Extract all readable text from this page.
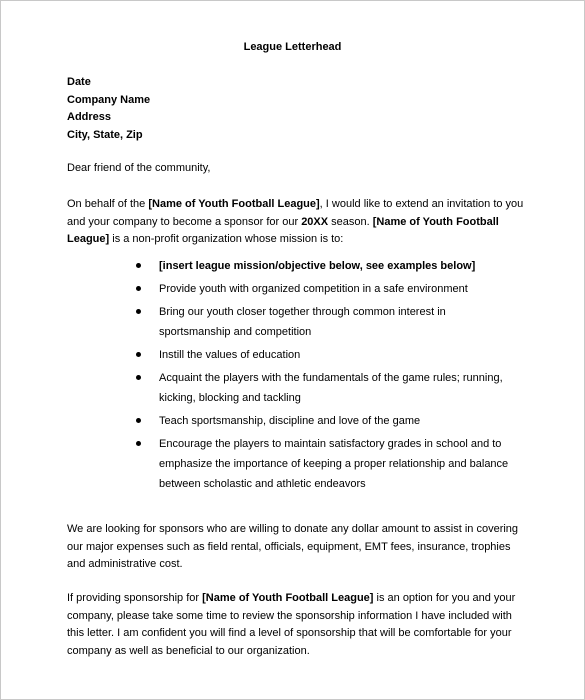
League Letterhead
Date
Company Name
Address
City, State, Zip
Dear friend of the community,
On behalf of the [Name of Youth Football League], I would like to extend an invitation to you and your company to become a sponsor for our 20XX season. [Name of Youth Football League] is a non-profit organization whose mission is to:
[insert league mission/objective below, see examples below]
Provide youth with organized competition in a safe environment
Bring our youth closer together through common interest in sportsmanship and competition
Instill the values of education
Acquaint the players with the fundamentals of the game rules; running, kicking, blocking and tackling
Teach sportsmanship, discipline and love of the game
Encourage the players to maintain satisfactory grades in school and to emphasize the importance of keeping a proper relationship and balance between scholastic and athletic endeavors
We are looking for sponsors who are willing to donate any dollar amount to assist in covering our major expenses such as field rental, officials, equipment, EMT fees, insurance, trophies and administrative cost.
If providing sponsorship for [Name of Youth Football League] is an option for you and your company, please take some time to review the sponsorship information I have included with this letter. I am confident you will find a level of sponsorship that will be comfortable for your company as well as beneficial to our organization.
